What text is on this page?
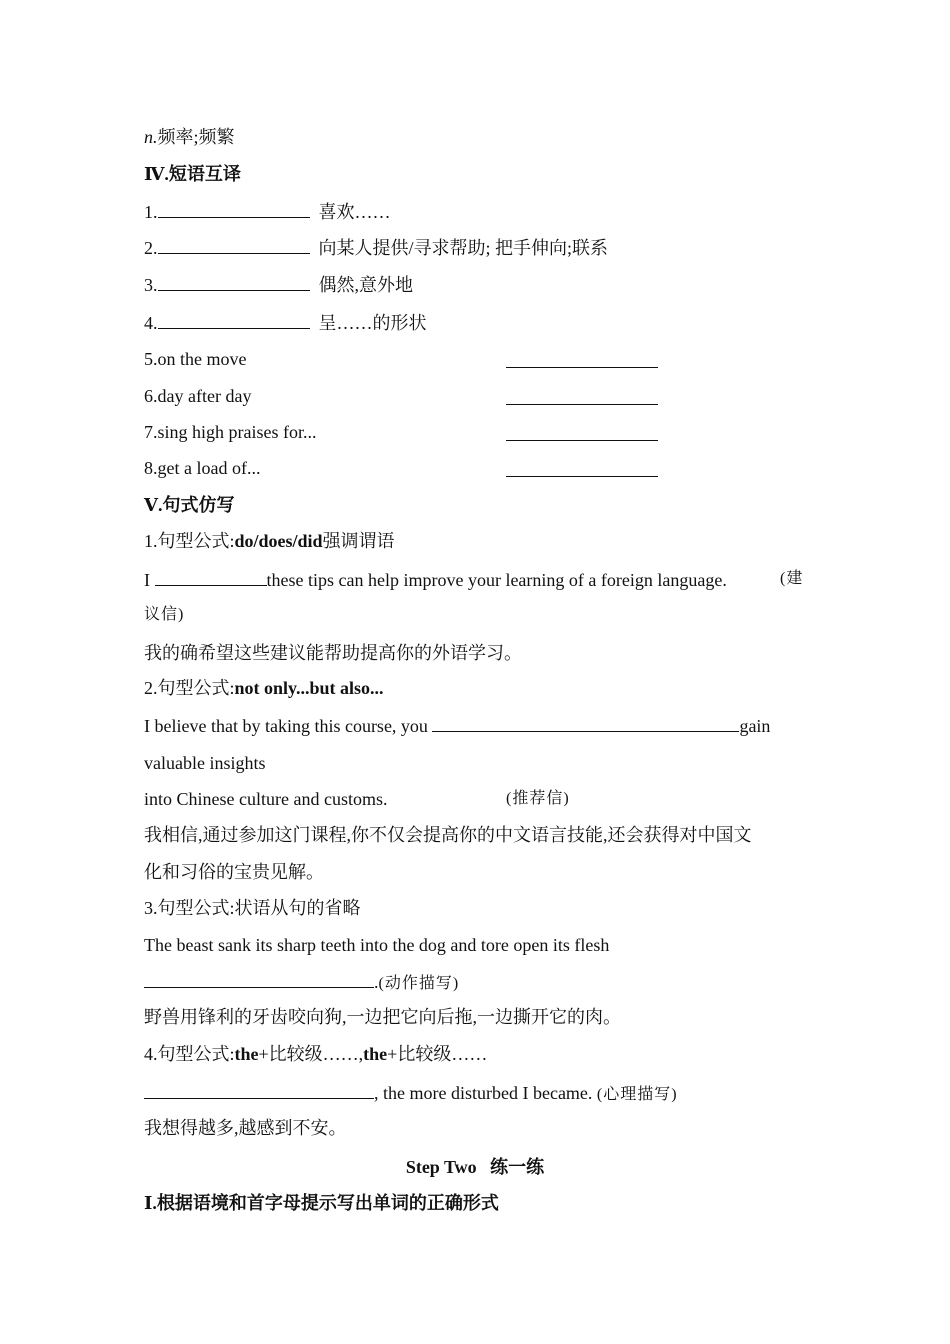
n.频率;频繁
Ⅳ.短语互译
1.	喜欢……
2.	向某人提供/寻求帮助; 把手伸向;联系
3.	偶然,意外地
4.	呈……的形状
5.on the move
6.day after day
7.sing high praises for...
8.get a load of...
Ⅴ.句式仿写
1.句型公式:do/does/did强调谓语
I	these tips can help improve your learning of a foreign language.	(建
议信)
我的确希望这些建议能帮助提高你的外语学习。
2.句型公式:not only...but also...
I believe that by taking this course, you	gain
valuable insights
into Chinese culture and customs.	(推荐信)
我相信,通过参加这门课程,你不仅会提高你的中文语言技能,还会获得对中国文
化和习俗的宝贵见解。
3.句型公式:状语从句的省略
The beast sank its sharp teeth into the dog and tore open its flesh
.(动作描写)
野兽用锋利的牙齿咬向狗,一边把它向后拖,一边撕开它的肉。
4.句型公式:the+比较级……,the+比较级……
, the more disturbed I became. (心理描写)
我想得越多,越感到不安。
Step Two 练一练
Ⅰ.根据语境和首字母提示写出单词的正确形式
